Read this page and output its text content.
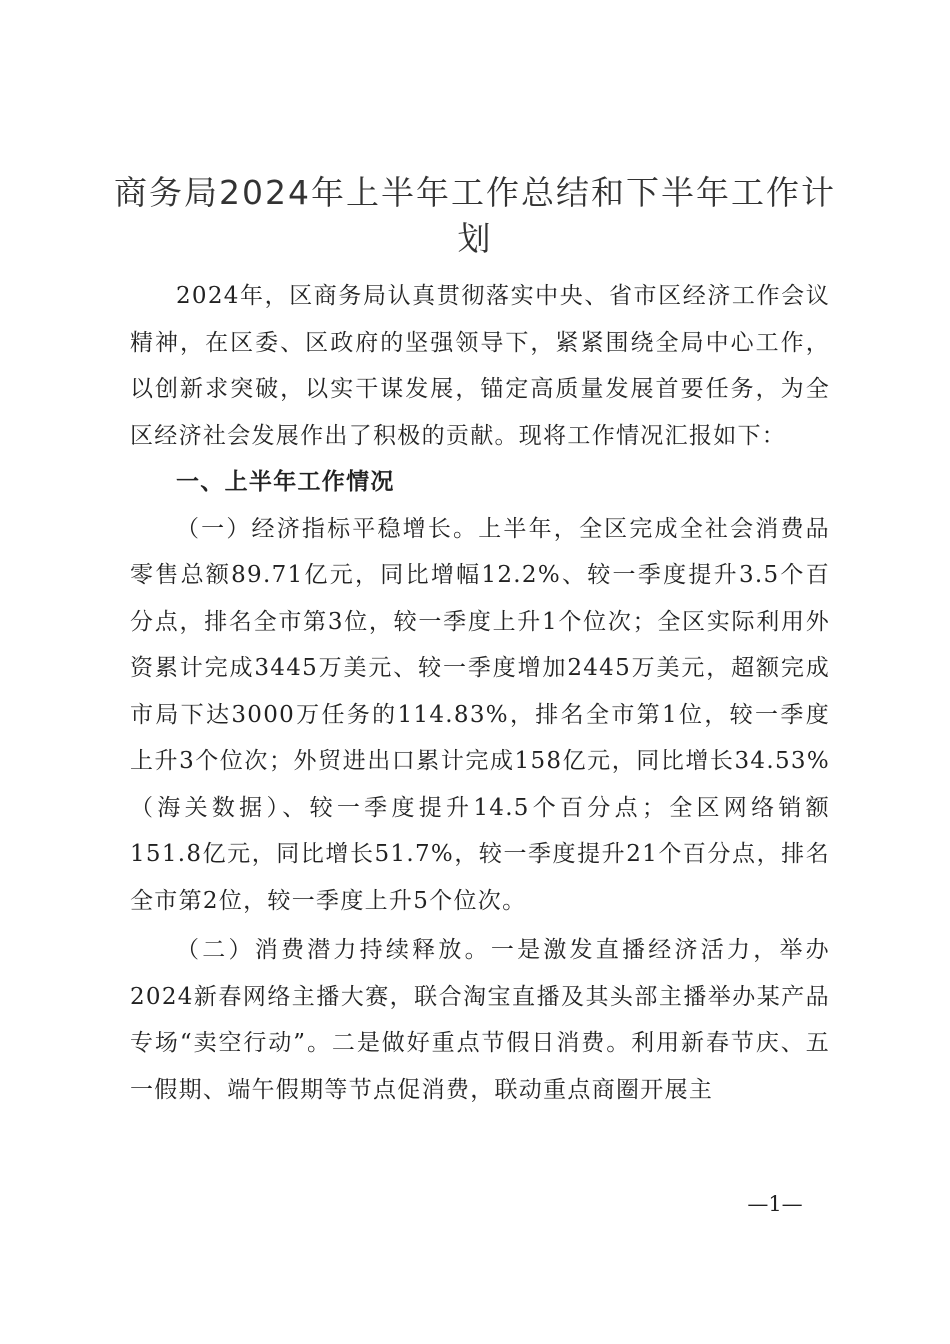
商务局2024年上半年工作总结和下半年工作计划

2024年，区商务局认真贯彻落实中央、省市区经济工作会议精神，在区委、区政府的坚强领导下，紧紧围绕全局中心工作，以创新求突破，以实干谋发展，锚定高质量发展首要任务，为全区经济社会发展作出了积极的贡献。现将工作情况汇报如下：

一、上半年工作情况

（一）经济指标平稳增长。上半年，全区完成全社会消费品零售总额89.71亿元，同比增幅12.2%、较一季度提升3.5个百分点，排名全市第3位，较一季度上升1个位次；全区实际利用外资累计完成3445万美元、较一季度增加2445万美元，超额完成市局下达3000万任务的114.83%，排名全市第1位，较一季度上升3个位次；外贸进出口累计完成158亿元，同比增长34.53%（海关数据）、较一季度提升14.5个百分点；全区网络销额151.8亿元，同比增长51.7%，较一季度提升21个百分点，排名全市第2位，较一季度上升5个位次。

（二）消费潜力持续释放。一是激发直播经济活力，举办2024新春网络主播大赛，联合淘宝直播及其头部主播举办某产品专场“卖空行动”。二是做好重点节假日消费。利用新春节庆、五一假期、端午假期等节点促消费，联动重点商圈开展主

—1—
